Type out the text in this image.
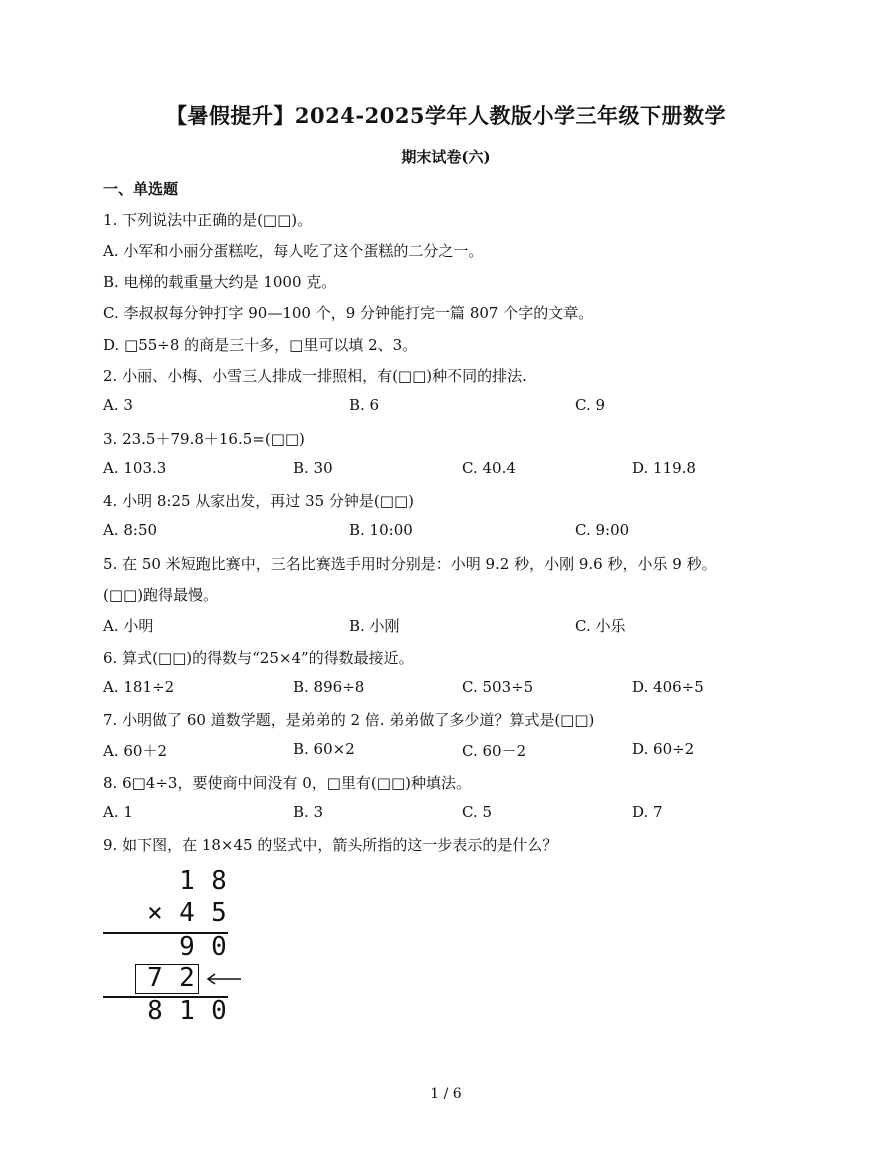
【暑假提升】2024-2025学年人教版小学三年级下册数学
期末试卷(六)
一、单选题
1. 下列说法中正确的是(□□)。
A. 小军和小丽分蛋糕吃，每人吃了这个蛋糕的二分之一。
B. 电梯的载重量大约是 1000 克。
C. 李叔叔每分钟打字 90—100 个，9 分钟能打完一篇 807 个字的文章。
D. □55÷8 的商是三十多，□里可以填 2、3。
2. 小丽、小梅、小雪三人排成一排照相，有(□□)种不同的排法.
A. 3	B. 6	C. 9
3. 23.5＋79.8＋16.5=(□□)
A. 103.3	B. 30	C. 40.4	D. 119.8
4. 小明 8:25 从家出发，再过 35 分钟是(□□)
A. 8:50	B. 10:00	C. 9:00
5. 在 50 米短跑比赛中，三名比赛选手用时分别是：小明 9.2 秒，小刚 9.6 秒，小乐 9 秒。
(□□)跑得最慢。
A. 小明	B. 小刚	C. 小乐
6. 算式(□□)的得数与“25×4”的得数最接近。
A. 181÷2	B. 896÷8	C. 503÷5	D. 406÷5
7. 小明做了 60 道数学题，是弟弟的 2 倍. 弟弟做了多少道？算式是(□□)
A. 60＋2	B. 60×2	C. 60－2	D. 60÷2
8. 6□4÷3，要使商中间没有 0，□里有(□□)种填法。
A. 1	B. 3	C. 5	D. 7
9. 如下图，在 18×45 的竖式中，箭头所指的这一步表示的是什么？
1 8
× 4 5
9 0
7 2
8 1 0
1 / 6
